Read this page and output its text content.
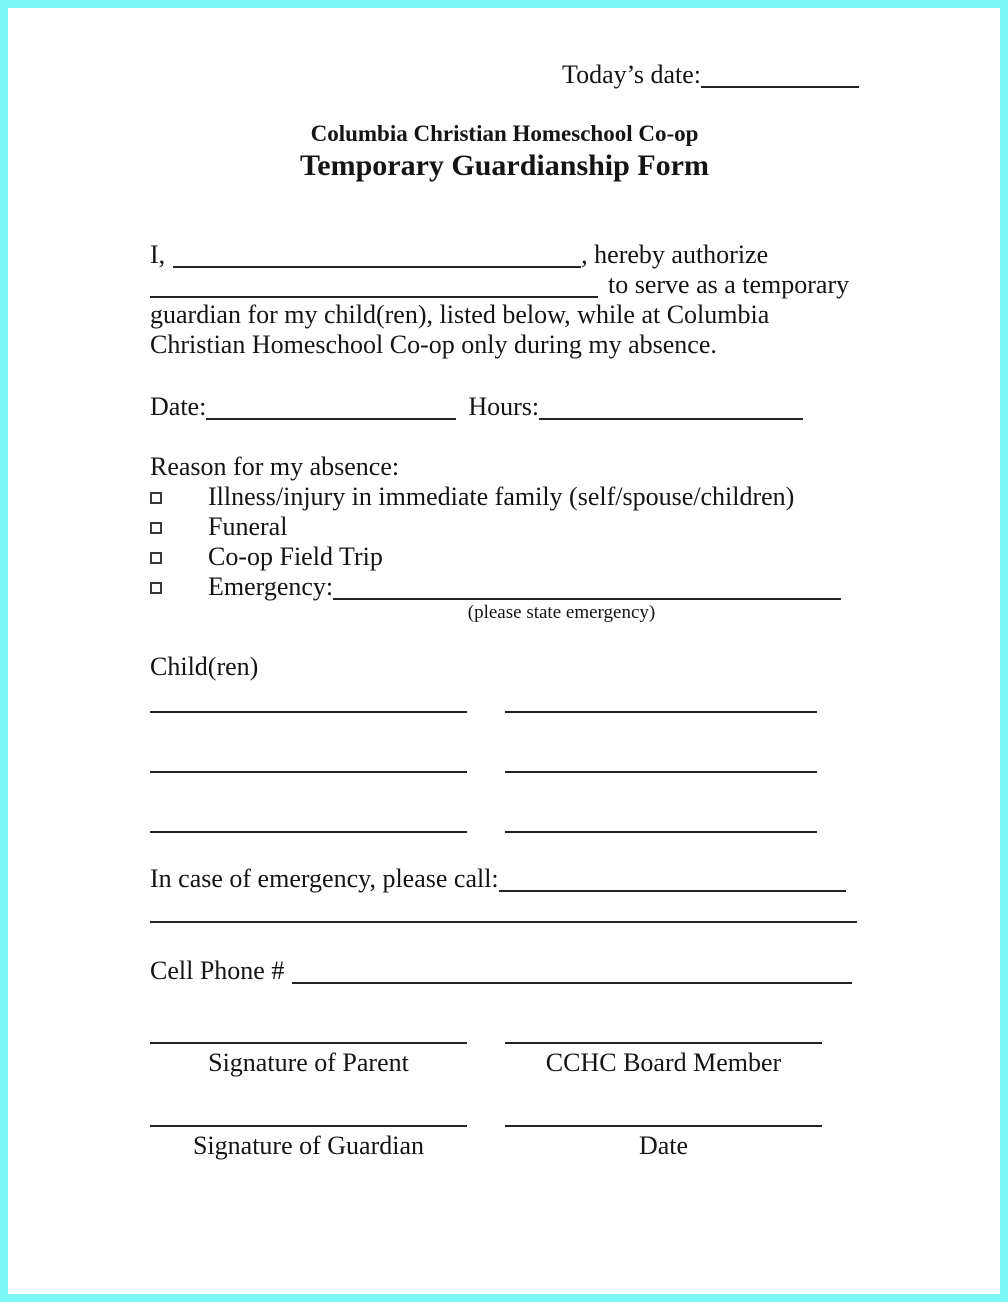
Today’s date:
Columbia Christian Homeschool Co-op
Temporary Guardianship Form
I,	, hereby authorize
to serve as a temporary
guardian for my child(ren), listed below, while at Columbia
Christian Homeschool Co-op only during my absence.
Date:	Hours:
Reason for my absence:
Illness/injury in immediate family (self/spouse/children)
Funeral
Co-op Field Trip
Emergency:
(please state emergency)
Child(ren)
In case of emergency, please call:
Cell Phone #
Signature of Parent	CCHC Board Member
Signature of Guardian	Date
